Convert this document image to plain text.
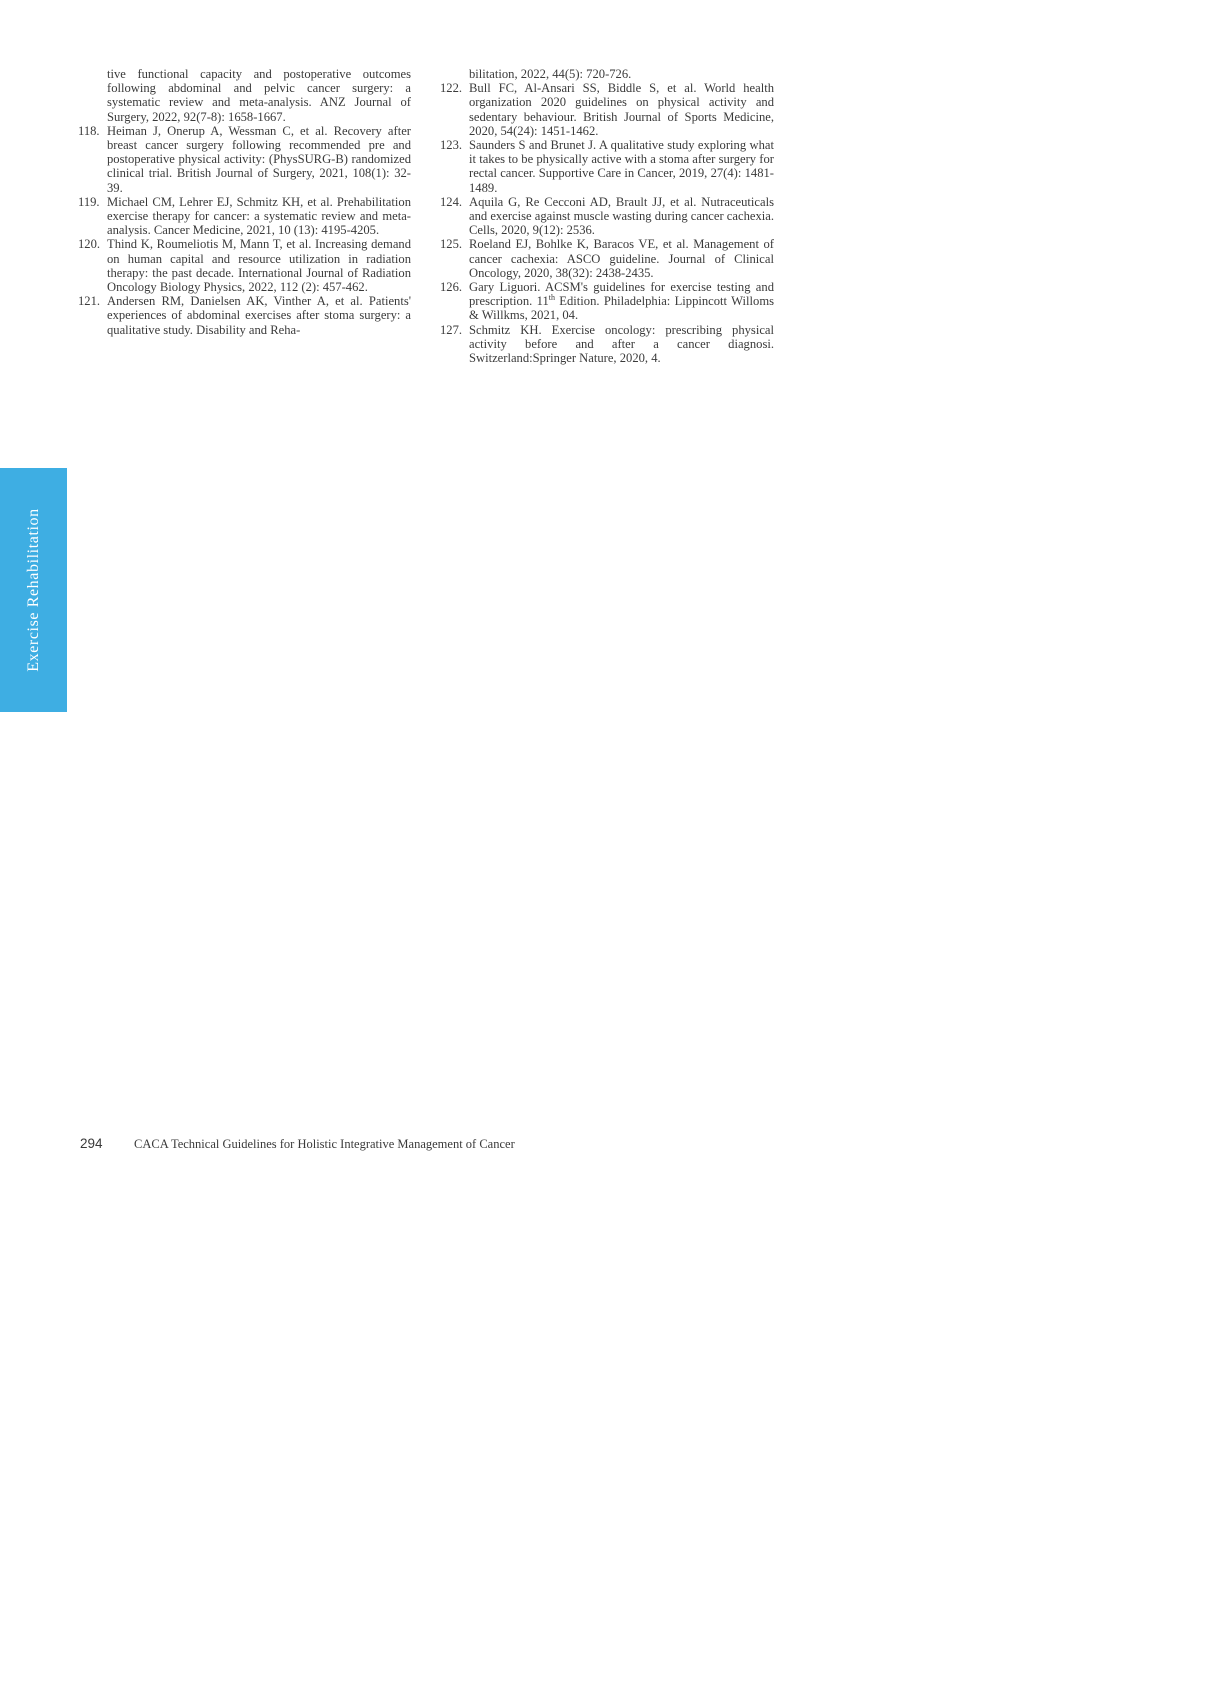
Exercise Rehabilitation

tive functional capacity and postoperative outcomes following abdominal and pelvic cancer surgery: a systematic review and meta-analysis. ANZ Journal of Surgery, 2022, 92(7-8): 1658-1667.

118. Heiman J, Onerup A, Wessman C, et al. Recovery after breast cancer surgery following recommended pre and postoperative physical activity: (PhysSURG-B) randomized clinical trial. British Journal of Surgery, 2021, 108(1): 32-39.

119. Michael CM, Lehrer EJ, Schmitz KH, et al. Prehabilitation exercise therapy for cancer: a systematic review and meta-analysis. Cancer Medicine, 2021, 10 (13): 4195-4205.

120. Thind K, Roumeliotis M, Mann T, et al. Increasing demand on human capital and resource utilization in radiation therapy: the past decade. International Journal of Radiation Oncology Biology Physics, 2022, 112 (2): 457-462.

121. Andersen RM, Danielsen AK, Vinther A, et al. Patients' experiences of abdominal exercises after stoma surgery: a qualitative study. Disability and Reha-

bilitation, 2022, 44(5): 720-726.

122. Bull FC, Al-Ansari SS, Biddle S, et al. World health organization 2020 guidelines on physical activity and sedentary behaviour. British Journal of Sports Medicine, 2020, 54(24): 1451-1462.

123. Saunders S and Brunet J. A qualitative study exploring what it takes to be physically active with a stoma after surgery for rectal cancer. Supportive Care in Cancer, 2019, 27(4): 1481-1489.

124. Aquila G, Re Cecconi AD, Brault JJ, et al. Nutraceuticals and exercise against muscle wasting during cancer cachexia. Cells, 2020, 9(12): 2536.

125. Roeland EJ, Bohlke K, Baracos VE, et al. Management of cancer cachexia: ASCO guideline. Journal of Clinical Oncology, 2020, 38(32): 2438-2435.

126. Gary Liguori. ACSM's guidelines for exercise testing and prescription. 11th Edition. Philadelphia: Lippincott Willoms & Willkms, 2021, 04.

127. Schmitz KH. Exercise oncology: prescribing physical activity before and after a cancer diagnosi. Switzerland:Springer Nature, 2020, 4.

294	CACA Technical Guidelines for Holistic Integrative Management of Cancer
